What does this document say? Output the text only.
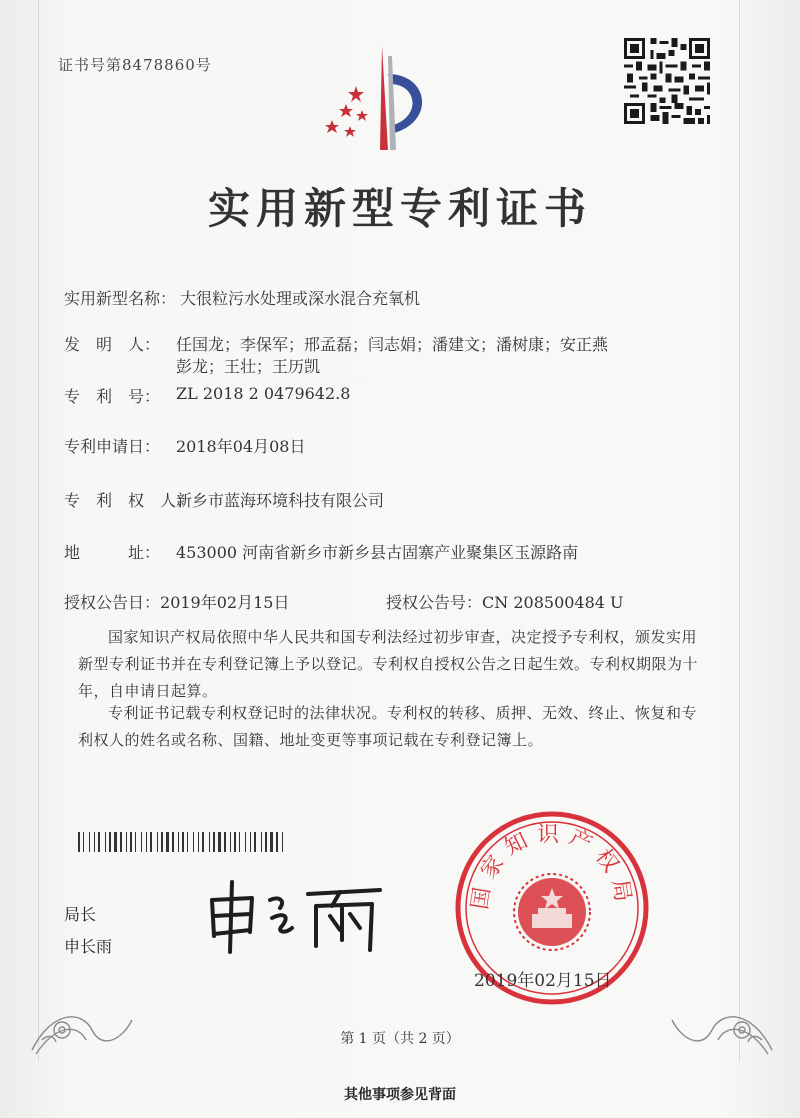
证书号第8478860号
实用新型专利证书
实用新型名称： 大很粒污水处理或深水混合充氧机
发　明　人： 任国龙；李保军；邢孟磊；闫志娟；潘建文；潘树康；安正燕
彭龙；王壮；王历凯
专　利　号： ZL 2018 2 0479642.8
专利申请日： 2018年04月08日
专　利　权　人：
新乡市蓝海环境科技有限公司
地　　　址： 453000 河南省新乡市新乡县古固寨产业聚集区玉源路南
授权公告日：2019年02月15日	授权公告号：CN 208500484 U
国家知识产权局依照中华人民共和国专利法经过初步审查，决定授予专利权，颁发实用新型专利证书并在专利登记簿上予以登记。专利权自授权公告之日起生效。专利权期限为十年，自申请日起算。
专利证书记载专利权登记时的法律状况。专利权的转移、质押、无效、终止、恢复和专利权人的姓名或名称、国籍、地址变更等事项记载在专利登记簿上。
局长
申长雨
国家知识产权局
2019年02月15日
第 1 页（共 2 页）
其他事项参见背面
